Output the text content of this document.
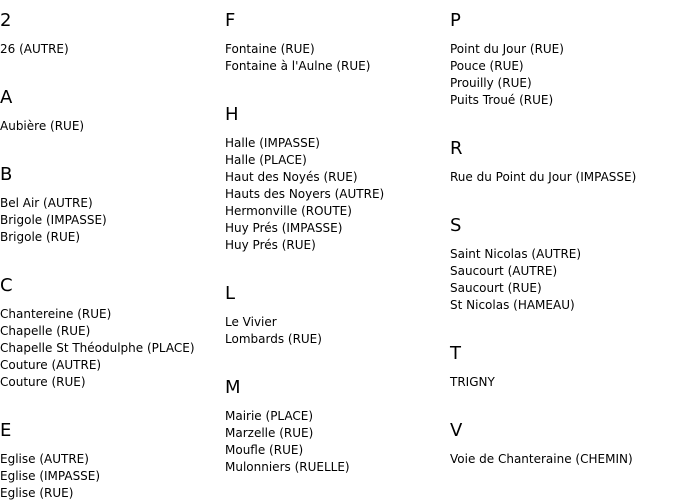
2
26 (AUTRE)
A
Aubière (RUE)
B
Bel Air (AUTRE)
Brigole (IMPASSE)
Brigole (RUE)
C
Chantereine (RUE)
Chapelle (RUE)
Chapelle St Théodulphe (PLACE)
Couture (AUTRE)
Couture (RUE)
E
Eglise (AUTRE)
Eglise (IMPASSE)
Eglise (RUE)
F
Fontaine (RUE)
Fontaine à l'Aulne (RUE)
H
Halle (IMPASSE)
Halle (PLACE)
Haut des Noyés (RUE)
Hauts des Noyers (AUTRE)
Hermonville (ROUTE)
Huy Prés (IMPASSE)
Huy Prés (RUE)
L
Le Vivier
Lombards (RUE)
M
Mairie (PLACE)
Marzelle (RUE)
Moufle (RUE)
Mulonniers (RUELLE)
P
Point du Jour (RUE)
Pouce (RUE)
Prouilly (RUE)
Puits Troué (RUE)
R
Rue du Point du Jour (IMPASSE)
S
Saint Nicolas (AUTRE)
Saucourt (AUTRE)
Saucourt (RUE)
St Nicolas (HAMEAU)
T
TRIGNY
V
Voie de Chanteraine (CHEMIN)
